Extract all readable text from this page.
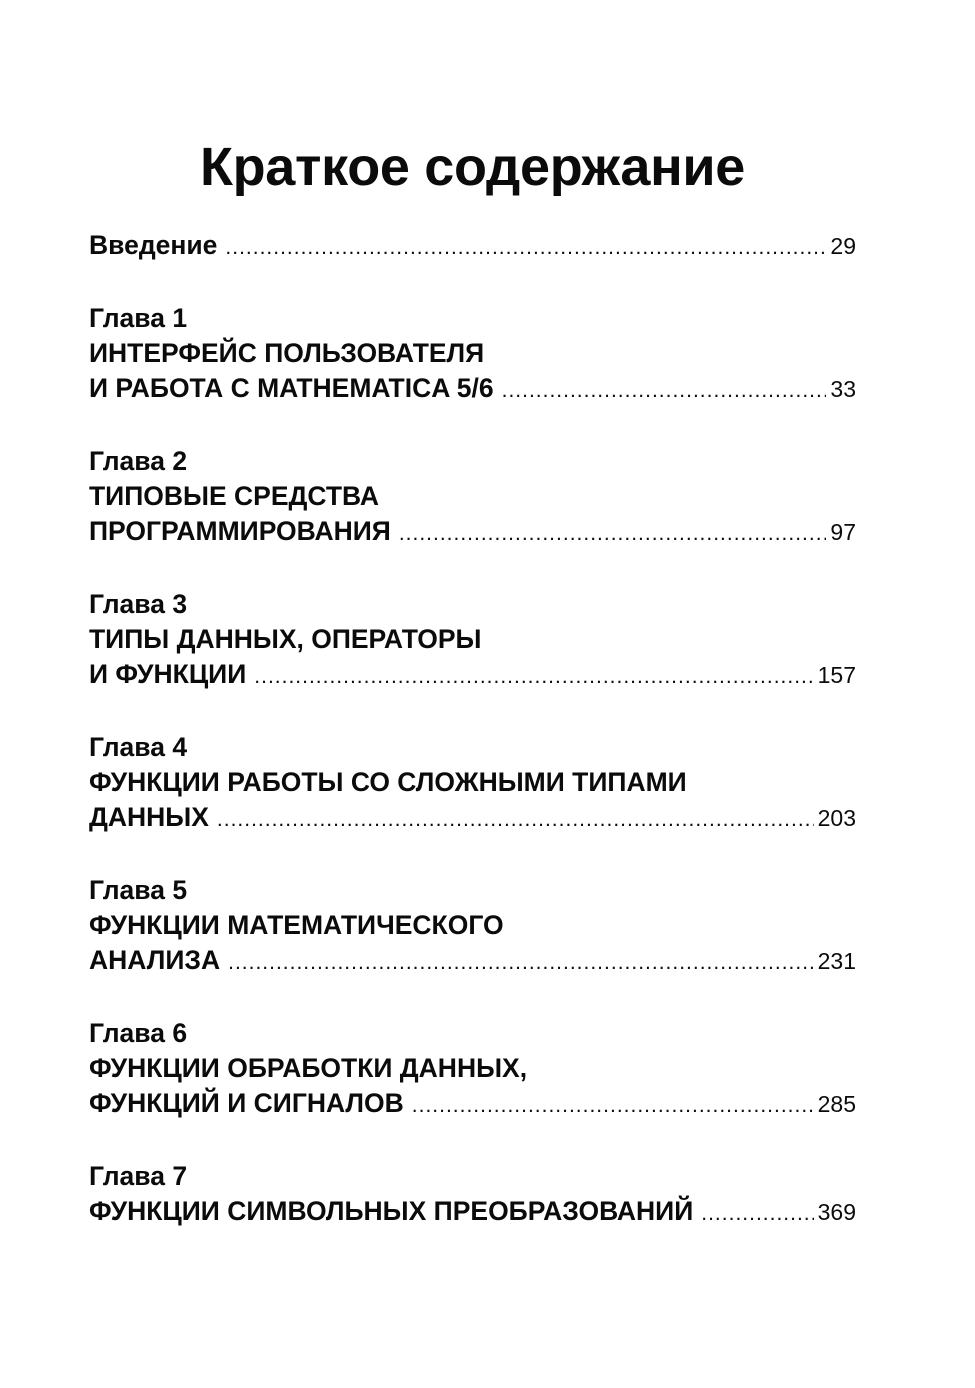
Краткое содержание
Введение .....	29
Глава 1
ИНТЕРФЕЙС ПОЛЬЗОВАТЕЛЯ
И РАБОТА С MATHEMATICA 5/6 .....	33
Глава 2
ТИПОВЫЕ СРЕДСТВА
ПРОГРАММИРОВАНИЯ .....	97
Глава 3
ТИПЫ ДАННЫХ, ОПЕРАТОРЫ
И ФУНКЦИИ .....	157
Глава 4
ФУНКЦИИ РАБОТЫ СО СЛОЖНЫМИ ТИПАМИ
ДАННЫХ .....	203
Глава 5
ФУНКЦИИ МАТЕМАТИЧЕСКОГО
АНАЛИЗА .....	231
Глава 6
ФУНКЦИИ ОБРАБОТКИ ДАННЫХ,
ФУНКЦИЙ И СИГНАЛОВ .....	285
Глава 7
ФУНКЦИИ СИМВОЛЬНЫХ ПРЕОБРАЗОВАНИЙ .....	369
